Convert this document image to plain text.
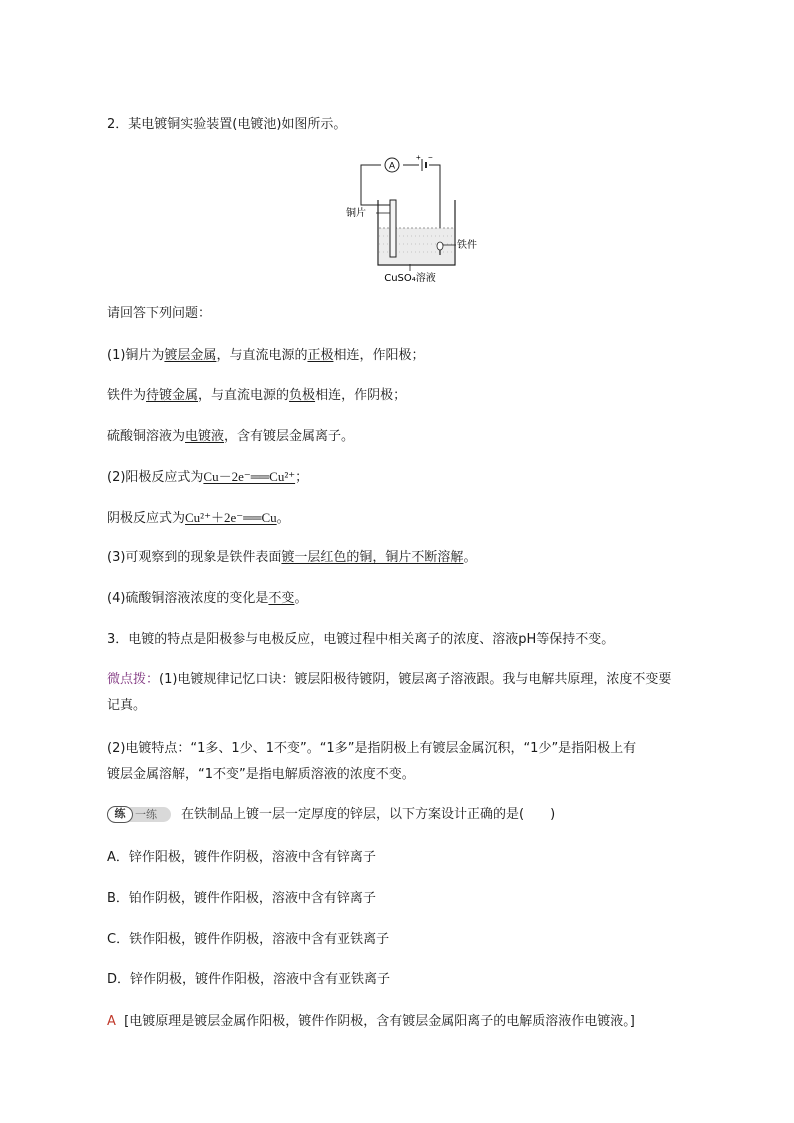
2．某电镀铜实验装置(电镀池)如图所示。
A
+ −
铜片
铁件
CuSO₄溶液
请回答下列问题：
(1)铜片为镀层金属，与直流电源的正极相连，作阳极；
铁件为待镀金属，与直流电源的负极相连，作阴极；
硫酸铜溶液为电镀液，含有镀层金属离子。
(2)阳极反应式为Cu－2e⁻══Cu²⁺；
阴极反应式为Cu²⁺＋2e⁻══Cu。
(3)可观察到的现象是铁件表面镀一层红色的铜，铜片不断溶解。
(4)硫酸铜溶液浓度的变化是不变。
3．电镀的特点是阳极参与电极反应，电镀过程中相关离子的浓度、溶液pH等保持不变。
微点拨：(1)电镀规律记忆口诀：镀层阳极待镀阴，镀层离子溶液跟。我与电解共原理，浓度不变要
记真。
(2)电镀特点：“1多、1少、1不变”。“1多”是指阴极上有镀层金属沉积，“1少”是指阳极上有
镀层金属溶解，“1不变”是指电解质溶液的浓度不变。
练 一练 在铁制品上镀一层一定厚度的锌层，以下方案设计正确的是(　　)
A．锌作阳极，镀件作阴极，溶液中含有锌离子
B．铂作阴极，镀件作阳极，溶液中含有锌离子
C．铁作阳极，镀件作阴极，溶液中含有亚铁离子
D．锌作阴极，镀件作阳极，溶液中含有亚铁离子
A [电镀原理是镀层金属作阳极，镀件作阴极，含有镀层金属阳离子的电解质溶液作电镀液。]
